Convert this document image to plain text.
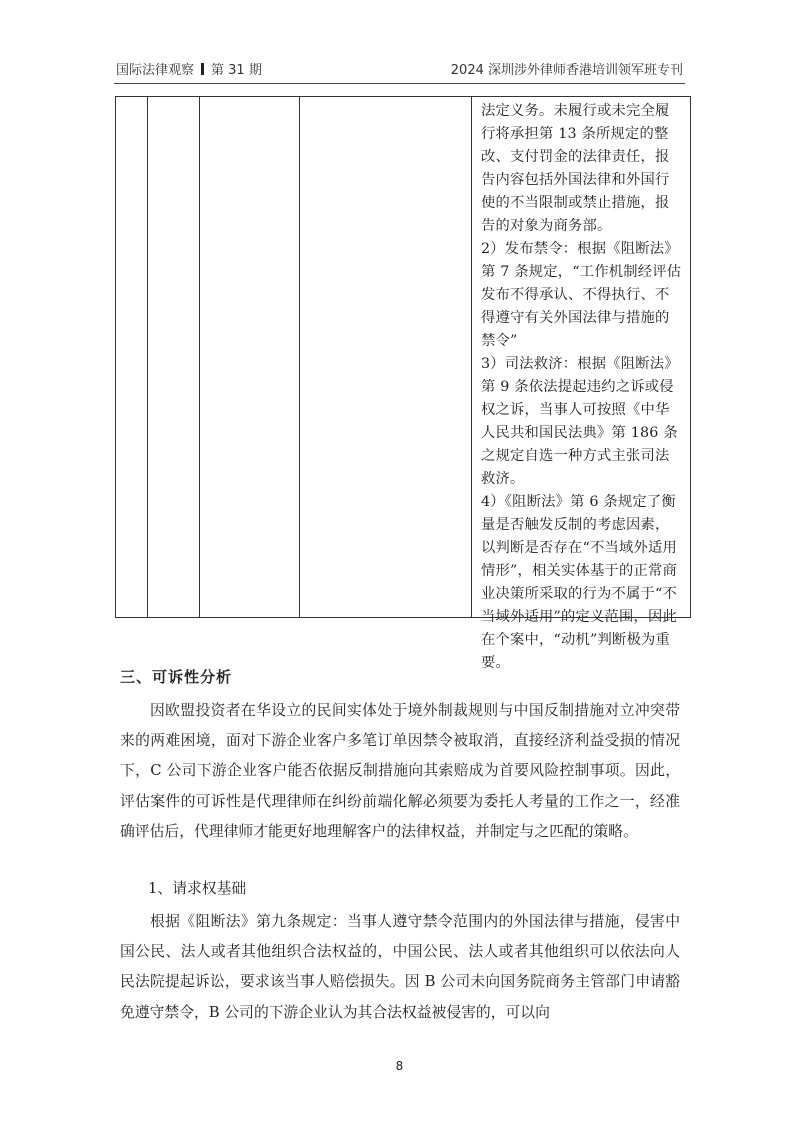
国际法律观察 第 31 期	2024 深圳涉外律师香港培训领军班专刊

法定义务。未履行或未完全履行将承担第 13 条所规定的整改、支付罚金的法律责任，报告内容包括外国法律和外国行使的不当限制或禁止措施，报告的对象为商务部。

2）发布禁令：根据《阻断法》第 7 条规定，“工作机制经评估发布不得承认、不得执行、不得遵守有关外国法律与措施的禁令”

3）司法救济：根据《阻断法》第 9 条依法提起违约之诉或侵权之诉，当事人可按照《中华人民共和国民法典》第 186 条之规定自选一种方式主张司法救济。

4）《阻断法》第 6 条规定了衡量是否触发反制的考虑因素，以判断是否存在“不当域外适用情形”，相关实体基于的正常商业决策所采取的行为不属于“不当域外适用”的定义范围，因此在个案中，“动机”判断极为重要。

三、可诉性分析

因欧盟投资者在华设立的民间实体处于境外制裁规则与中国反制措施对立冲突带来的两难困境，面对下游企业客户多笔订单因禁令被取消，直接经济利益受损的情况下，C 公司下游企业客户能否依据反制措施向其索赔成为首要风险控制事项。因此，评估案件的可诉性是代理律师在纠纷前端化解必须要为委托人考量的工作之一，经准确评估后，代理律师才能更好地理解客户的法律权益，并制定与之匹配的策略。

1、请求权基础

根据《阻断法》第九条规定：当事人遵守禁令范围内的外国法律与措施，侵害中国公民、法人或者其他组织合法权益的，中国公民、法人或者其他组织可以依法向人民法院提起诉讼，要求该当事人赔偿损失。因 B 公司未向国务院商务主管部门申请豁免遵守禁令，B 公司的下游企业认为其合法权益被侵害的，可以向

8
